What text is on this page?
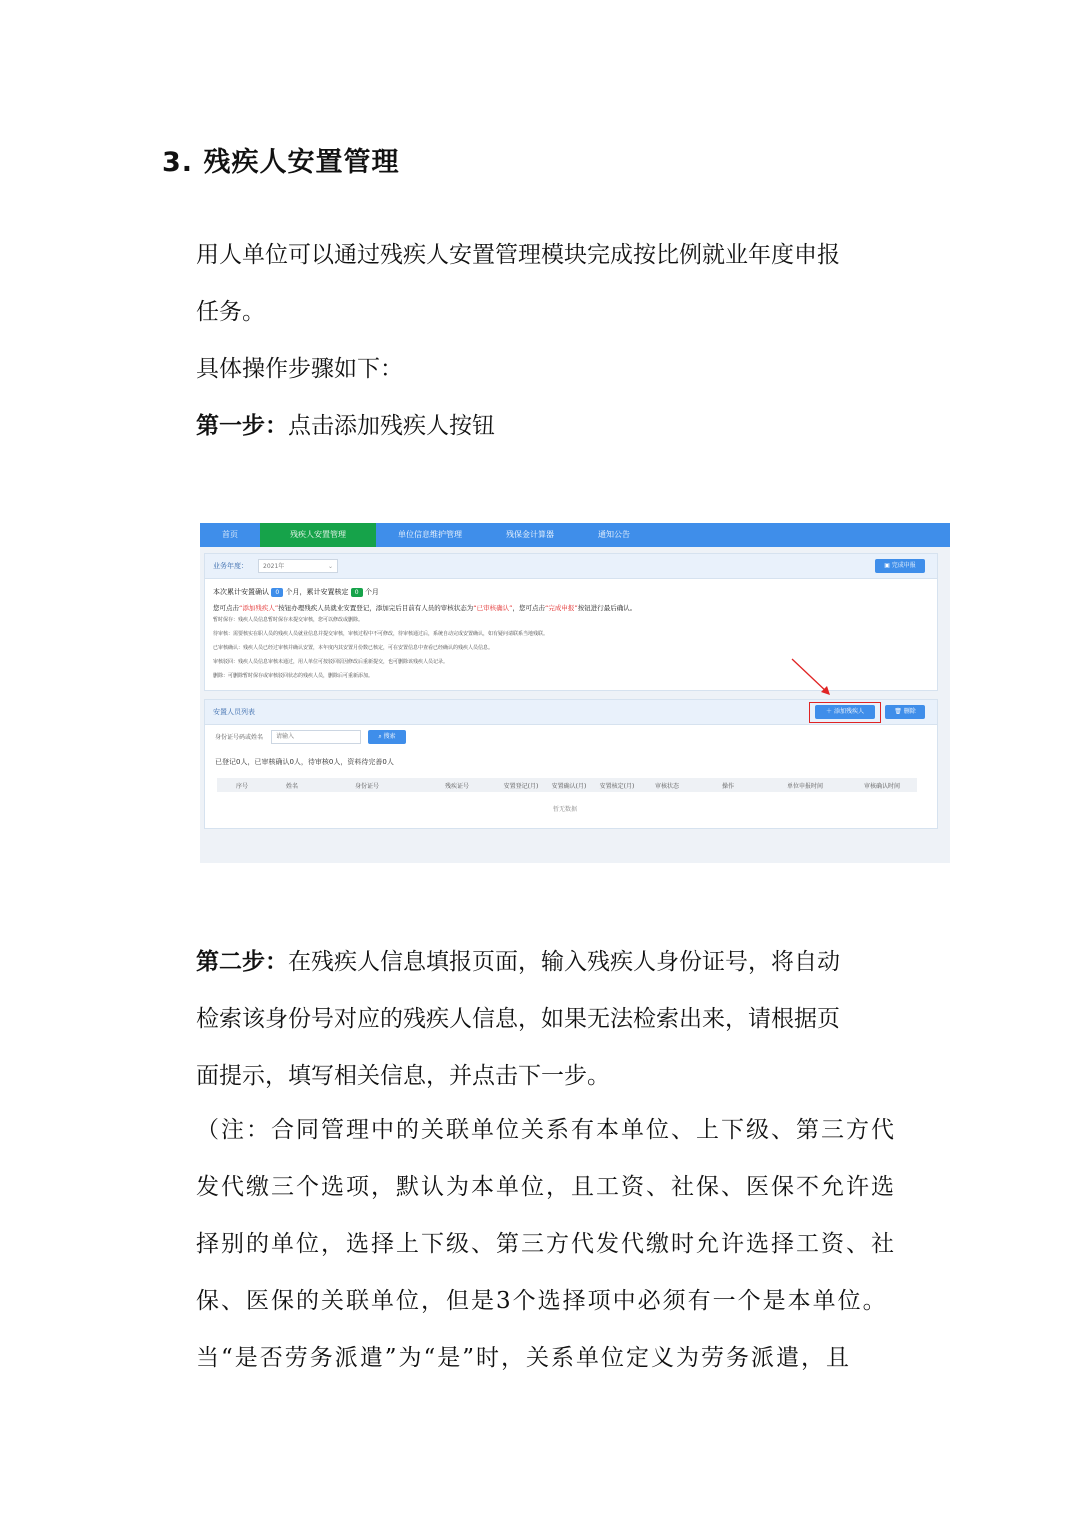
3. 残疾人安置管理
用人单位可以通过残疾人安置管理模块完成按比例就业年度申报
任务。
具体操作步骤如下：
第一步：点击添加残疾人按钮
首页	残疾人安置管理	单位信息维护管理	残保金计算器	通知公告
业务年度：	2021年	⌄	▣ 完成申报
本次累计安置确认 0 个月，累计安置核定 0 个月
您可点击“添加残疾人”按钮办理残疾人员就业安置登记，添加完后目前有人员的审核状态为“已审核确认”，您可点击“完成申报”按钮进行最后确认。
暂时保存：残疾人员信息暂时保存未提交审核，您可以修改或删除。
待审核：需要核实在职人员的残疾人员就业信息并提交审核，审核过程中不可修改，待审核通过后，系统自动完成安置确认，如有疑问请联系当地残联。
已审核确认：残疾人员已经过审核并确认安置，本年度内其安置月份数已核定，可在安置信息中查看已经确认的残疾人员信息。
审核驳回：残疾人员信息审核未通过，用人单位可按驳回原因修改后重新提交，也可删除该残疾人员记录。
删除：可删除暂时保存或审核驳回状态的残疾人员，删除后可重新添加。
安置人员列表	＋ 添加残疾人	🗑 删除
身份证号码或姓名
请输入	⌕ 搜索
已登记0人，已审核确认0人，待审核0人，资料待完善0人
序号	姓名	身份证号	残疾证号	安置登记(月)	安置确认(月)	安置核定(月)	审核状态	操作	单位申报时间	审核确认时间
暂无数据
第二步：在残疾人信息填报页面，输入残疾人身份证号，将自动
检索该身份号对应的残疾人信息，如果无法检索出来，请根据页
面提示，填写相关信息，并点击下一步。
（注：合同管理中的关联单位关系有本单位、上下级、第三方代
发代缴三个选项，默认为本单位，且工资、社保、医保不允许选
择别的单位，选择上下级、第三方代发代缴时允许选择工资、社
保、医保的关联单位，但是3个选择项中必须有一个是本单位。
当“是否劳务派遣”为“是”时，关系单位定义为劳务派遣，且
